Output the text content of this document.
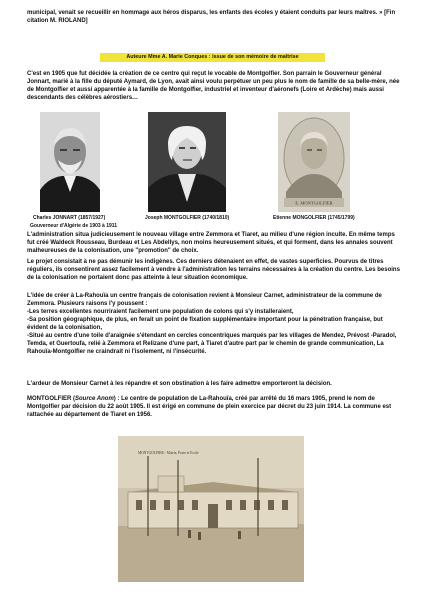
municipal, venait se recueillir en hommage aux héros disparus, les enfants des écoles y étaient conduits par leurs maîtres. » [Fin citation M. RIOLAND]

Auteure Mme A. Marie Conques : issue de son mémoire de maîtrise

C'est en 1905 que fut décidée la création de ce centre qui reçut le vocable de Montgolfier. Son parrain le Gouverneur général Jonnart, marié à la fille du député Aymard, de Lyon, avait ainsi voulu perpétuer un peu plus le nom de famille de sa belle-mère, née de Montgolfier et aussi apparentée à la famille de Montgolfier, industriel et inventeur d'aéronefs (Loire et Ardèche) mais aussi descendants des célèbres aérostiers…

E. MONTGOLFIER
Charles JONNART (1857/1927)
Gouverneur d'Algérie de 1903 à 1911
Joseph MONTGOLFIER (1740/1810)	Etienne MONGOLFIER (1745/1799)

L'administration situa judicieusement le nouveau village entre Zemmora et Tiaret, au milieu d'une région inculte. En même temps fut créé Waldeck Rousseau, Burdeau et Les Abdellys, non moins heureusement situés, et qui forment, dans les annales souvent malheureuses de la colonisation, une "promotion" de choix.

Le projet consistait à ne pas démunir les indigènes. Ces derniers détenaient en effet, de vastes superficies. Pourvus de titres réguliers, ils consentirent assez facilement à vendre à l'administration les terrains nécessaires à la création du centre. Les besoins de la colonisation ne portaient donc pas atteinte à leur situation économique.

L'idée de créer à La-Rahouïa un centre français de colonisation revient à Monsieur Carnet, administrateur de la commune de Zemmora. Plusieurs raisons l'y poussent :
-Les terres excellentes nourriraient facilement une population de colons qui s'y installeraient,
-Sa position géographique, de plus, en ferait un point de fixation supplémentaire important pour la pénétration française, but évident de la colonisation,
-Situé au centre d'une toile d'araignée s'étendant en cercles concentriques marqués par les villages de Mendez, Prévost -Paradol, Temda, et Guertoufa, relié à Zemmora et Relizane d'une part, à Tiaret d'autre part par le chemin de grande communication, La Rahouïa-Montgolfier ne craindrait ni l'isolement, ni l'insécurité.

L'ardeur de Monsieur Carnet à les répandre et son obstination à les faire admettre emporteront la décision.

MONTGOLFIER (Source Anom) : Le centre de population de La-Rahouïa, créé par arrêté du 16 mars 1905, prend le nom de Montgolfier par décision du 22 août 1905. Il est érigé en commune de plein exercice par décret du 23 juin 1914. La commune est rattachée au département de Tiaret en 1956.

MONTGOLFIER - Mairie, Poste et Ecole
